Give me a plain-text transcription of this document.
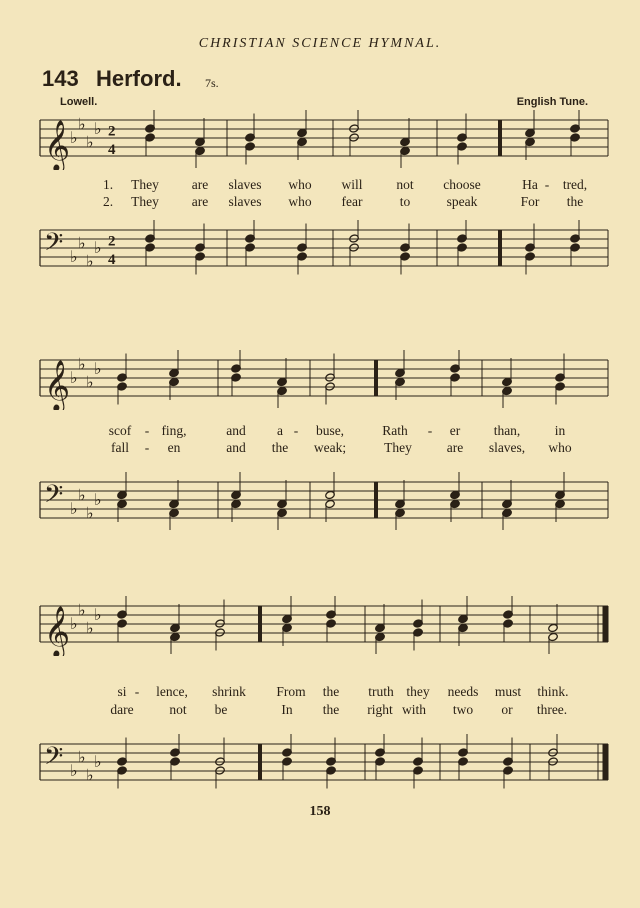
CHRISTIAN SCIENCE HYMNAL.
143 Herford. 7s.
Lowell.	English Tune.
𝄞 ♭
♭
♭
♭ 2
4
𝄢 ♭
♭
♭
♭ 2
4
1. They are slaves who will	not choose	Ha - tred,
2. They are slaves who fear	to	speak	For the
𝄞 ♭
♭
♭
♭
𝄢 ♭
♭
♭
♭
scof - fing,	and a - buse,	Rath - er than,	in
fall - en	and the weak;	They	are slaves, who
𝄞 ♭
♭
♭
♭
𝄢 ♭
♭
♭
♭
si - lence, shrink From the truth they needs must think.
dare	not be	In the right with two or three.
158
